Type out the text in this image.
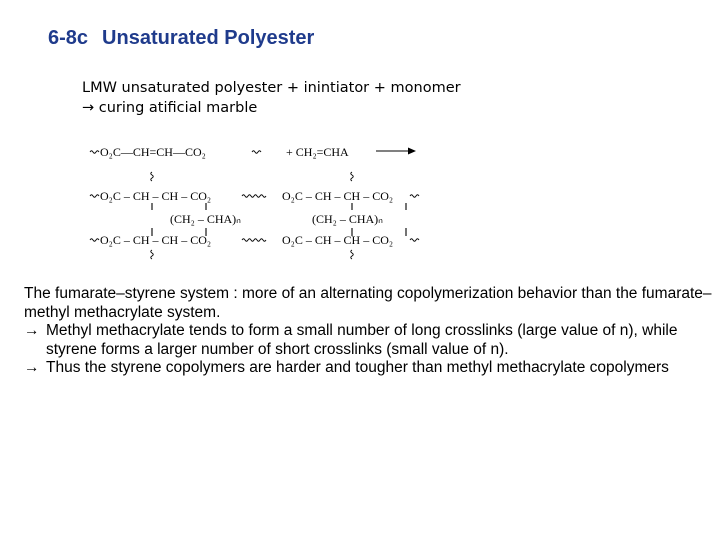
6-8c Unsaturated Polyester
LMW unsaturated polyester + inintiator + monomer
→ curing atificial marble
O₂C—CH=CH—CO₂	+ CH₂=CHA
O₂C – CH – CH – CO₂	O₂C – CH – CH – CO₂
(CH₂ – CHA)ₙ	(CH₂ – CHA)ₙ
O₂C – CH – CH – CO₂	O₂C – CH – CH – CO₂

The fumarate–styrene system : more of an alternating copolymerization behavior than the fumarate–methyl methacrylate system.

→ Methyl methacrylate tends to form a small number of long crosslinks (large value of n), while styrene forms a larger number of short crosslinks (small value of n).
→ Thus the styrene copolymers are harder and tougher than methyl methacrylate copolymers
